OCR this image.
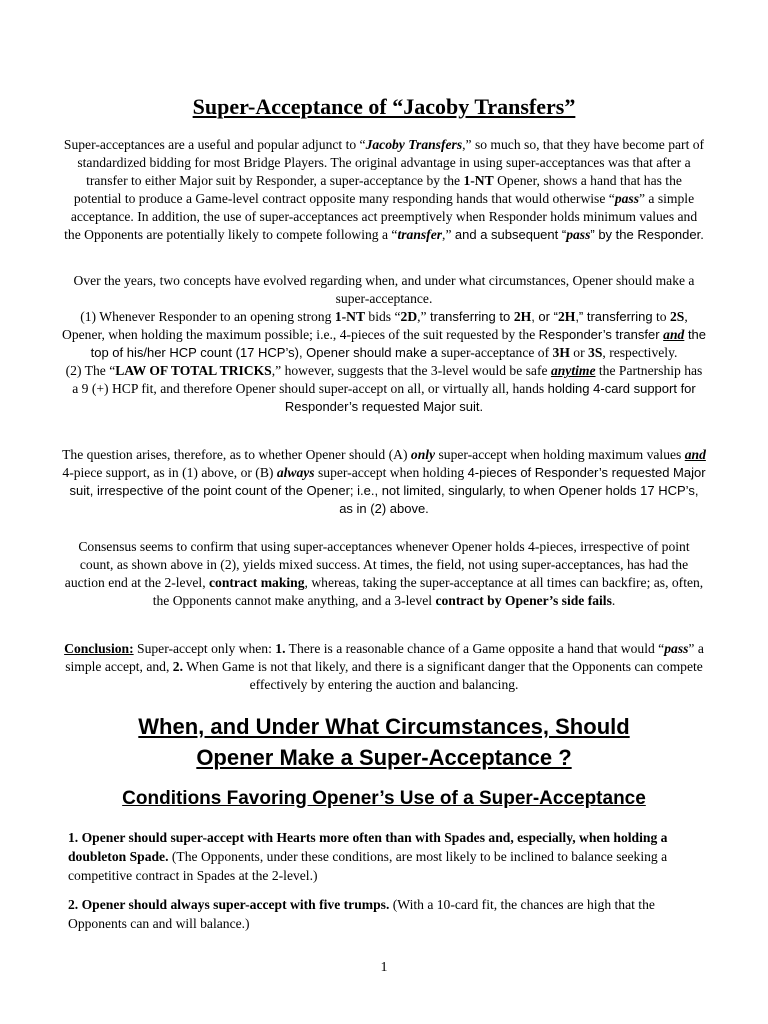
Super-Acceptance of “Jacoby Transfers”
Super-acceptances are a useful and popular adjunct to “Jacoby Transfers,” so much so, that they have become part of standardized bidding for most Bridge Players. The original advantage in using super-acceptances was that after a transfer to either Major suit by Responder, a super-acceptance by the 1-NT Opener, shows a hand that has the potential to produce a Game-level contract opposite many responding hands that would otherwise “pass” a simple acceptance. In addition, the use of super-acceptances act preemptively when Responder holds minimum values and the Opponents are potentially likely to compete following a “transfer,” and a subsequent “pass” by the Responder.
Over the years, two concepts have evolved regarding when, and under what circumstances, Opener should make a super-acceptance.
(1) Whenever Responder to an opening strong 1-NT bids “2D,” transferring to 2H, or “2H,” transferring to 2S, Opener, when holding the maximum possible; i.e., 4-pieces of the suit requested by the Responder’s transfer and the top of his/her HCP count (17 HCP’s), Opener should make a super-acceptance of 3H or 3S, respectively.
(2) The “LAW OF TOTAL TRICKS,” however, suggests that the 3-level would be safe anytime the Partnership has a 9 (+) HCP fit, and therefore Opener should super-accept on all, or virtually all, hands holding 4-card support for Responder’s requested Major suit.
The question arises, therefore, as to whether Opener should (A) only super-accept when holding maximum values and 4-piece support, as in (1) above, or (B) always super-accept when holding 4-pieces of Responder’s requested Major suit, irrespective of the point count of the Opener; i.e., not limited, singularly, to when Opener holds 17 HCP’s, as in (2) above.
Consensus seems to confirm that using super-acceptances whenever Opener holds 4-pieces, irrespective of point count, as shown above in (2), yields mixed success. At times, the field, not using super-acceptances, has had the auction end at the 2-level, contract making, whereas, taking the super-acceptance at all times can backfire; as, often, the Opponents cannot make anything, and a 3-level contract by Opener’s side fails.
Conclusion: Super-accept only when: 1. There is a reasonable chance of a Game opposite a hand that would “pass” a simple accept, and, 2. When Game is not that likely, and there is a significant danger that the Opponents can compete effectively by entering the auction and balancing.
When, and Under What Circumstances, Should
Opener Make a Super-Acceptance ?
Conditions Favoring Opener’s Use of a Super-Acceptance
1. Opener should super-accept with Hearts more often than with Spades and, especially, when holding a doubleton Spade. (The Opponents, under these conditions, are most likely to be inclined to balance seeking a competitive contract in Spades at the 2-level.)
2. Opener should always super-accept with five trumps. (With a 10-card fit, the chances are high that the Opponents can and will balance.)
1
